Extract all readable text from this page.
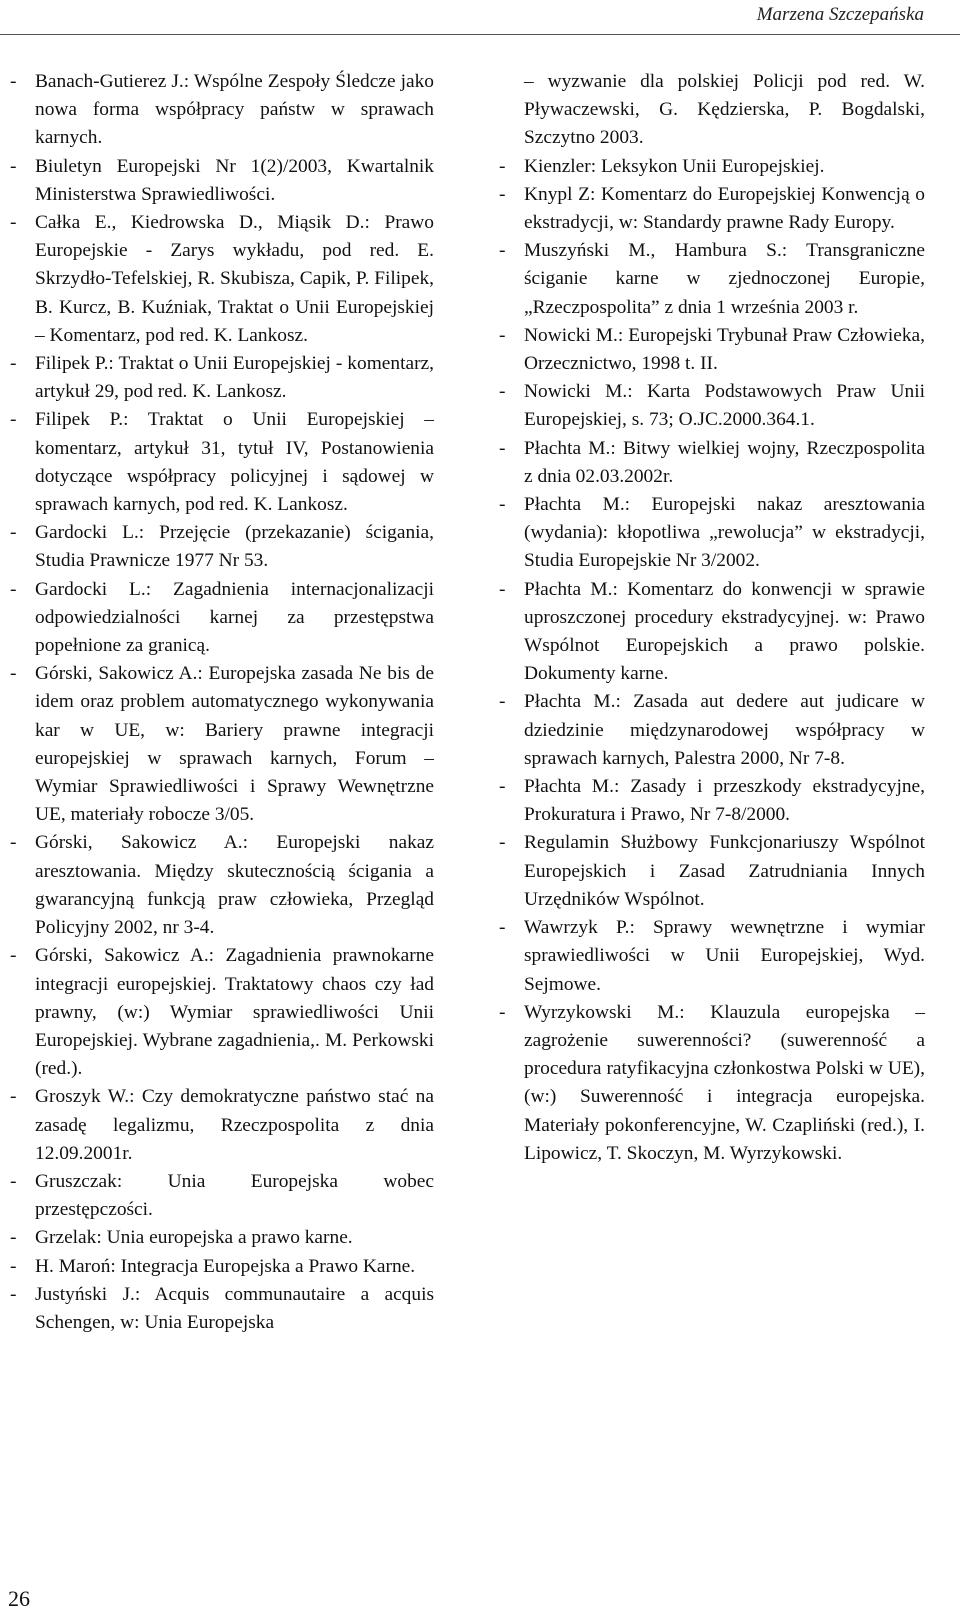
Marzena Szczepańska
- Banach-Gutierez J.: Wspólne Zespoły Śledcze jako nowa forma współpracy państw w sprawach karnych.
- Biuletyn Europejski Nr 1(2)/2003, Kwartalnik Ministerstwa Sprawiedliwości.
- Całka E., Kiedrowska D., Miąsik D.: Prawo Europejskie - Zarys wykładu, pod red. E. Skrzydło-Tefelskiej, R. Skubisza, Capik, P. Filipek, B. Kurcz, B. Kuźniak, Traktat o Unii Europejskiej – Komentarz, pod red. K. Lankosz.
- Filipek P.: Traktat o Unii Europejskiej - komentarz, artykuł 29, pod red. K. Lankosz.
- Filipek P.: Traktat o Unii Europejskiej – komentarz, artykuł 31, tytuł IV, Postanowienia dotyczące współpracy policyjnej i sądowej w sprawach karnych, pod red. K. Lankosz.
- Gardocki L.: Przejęcie (przekazanie) ścigania, Studia Prawnicze 1977 Nr 53.
- Gardocki L.: Zagadnienia internacjonalizacji odpowiedzialności karnej za przestępstwa popełnione za granicą.
- Górski, Sakowicz A.: Europejska zasada Ne bis de idem oraz problem automatycznego wykonywania kar w UE, w: Bariery prawne integracji europejskiej w sprawach karnych, Forum – Wymiar Sprawiedliwości i Sprawy Wewnętrzne UE, materiały robocze 3/05.
- Górski, Sakowicz A.: Europejski nakaz aresztowania. Między skutecznością ścigania a gwarancyjną funkcją praw człowieka, Przegląd Policyjny 2002, nr 3-4.
- Górski, Sakowicz A.: Zagadnienia prawnokarne integracji europejskiej. Traktatowy chaos czy ład prawny, (w:) Wymiar sprawiedliwości Unii Europejskiej. Wybrane zagadnienia,. M. Perkowski (red.).
- Groszyk W.: Czy demokratyczne państwo stać na zasadę legalizmu, Rzeczpospolita z dnia 12.09.2001r.
- Gruszczak: Unia Europejska wobec przestępczości.
- Grzelak: Unia europejska a prawo karne.
- H. Maroń: Integracja Europejska a Prawo Karne.
- Justyński J.: Acquis communautaire a acquis Schengen, w: Unia Europejska
– wyzwanie dla polskiej Policji pod red. W. Pływaczewski, G. Kędzierska, P. Bogdalski, Szczytno 2003.
- Kienzler: Leksykon Unii Europejskiej.
- Knypl Z: Komentarz do Europejskiej Konwencją o ekstradycji, w: Standardy prawne Rady Europy.
- Muszyński M., Hambura S.: Transgraniczne ściganie karne w zjednoczonej Europie, „Rzeczpospolita” z dnia 1 września 2003 r.
- Nowicki M.: Europejski Trybunał Praw Człowieka, Orzecznictwo, 1998 t. II.
- Nowicki M.: Karta Podstawowych Praw Unii Europejskiej, s. 73; O.JC.2000.364.1.
- Płachta M.: Bitwy wielkiej wojny, Rzeczpospolita z dnia 02.03.2002r.
- Płachta M.: Europejski nakaz aresztowania (wydania): kłopotliwa „rewolucja” w ekstradycji, Studia Europejskie Nr 3/2002.
- Płachta M.: Komentarz do konwencji w sprawie uproszczonej procedury ekstradycyjnej. w: Prawo Wspólnot Europejskich a prawo polskie. Dokumenty karne.
- Płachta M.: Zasada aut dedere aut judicare w dziedzinie międzynarodowej współpracy w sprawach karnych, Palestra 2000, Nr 7-8.
- Płachta M.: Zasady i przeszkody ekstradycyjne, Prokuratura i Prawo, Nr 7-8/2000.
- Regulamin Służbowy Funkcjonariuszy Wspólnot Europejskich i Zasad Zatrudniania Innych Urzędników Wspólnot.
- Wawrzyk P.: Sprawy wewnętrzne i wymiar sprawiedliwości w Unii Europejskiej, Wyd. Sejmowe.
- Wyrzykowski M.: Klauzula europejska – zagrożenie suwerenności? (suwerenność a procedura ratyfikacyjna członkostwa Polski w UE), (w:) Suwerenność i integracja europejska. Materiały pokonferencyjne, W. Czapliński (red.), I. Lipowicz, T. Skoczyn, M. Wyrzykowski.
26
